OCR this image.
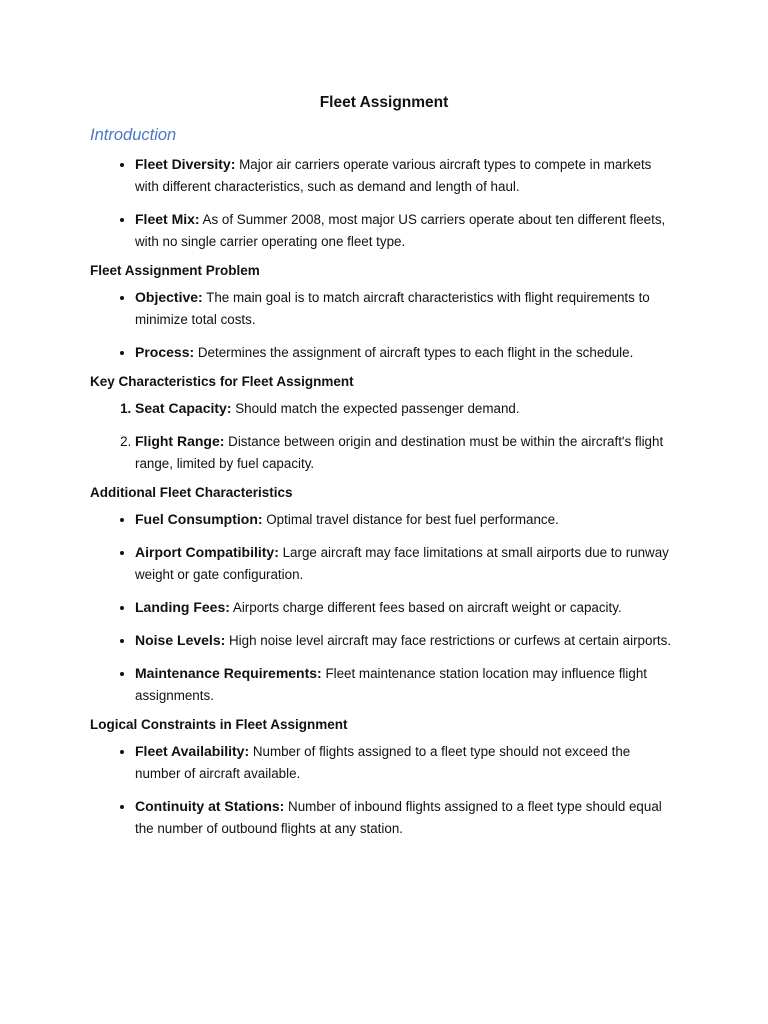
Fleet Assignment
Introduction
• Fleet Diversity: Major air carriers operate various aircraft types to compete in markets with different characteristics, such as demand and length of haul.
• Fleet Mix: As of Summer 2008, most major US carriers operate about ten different fleets, with no single carrier operating one fleet type.
Fleet Assignment Problem
• Objective: The main goal is to match aircraft characteristics with flight requirements to minimize total costs.
• Process: Determines the assignment of aircraft types to each flight in the schedule.
Key Characteristics for Fleet Assignment
1. Seat Capacity: Should match the expected passenger demand.
2. Flight Range: Distance between origin and destination must be within the aircraft's flight range, limited by fuel capacity.
Additional Fleet Characteristics
• Fuel Consumption: Optimal travel distance for best fuel performance.
• Airport Compatibility: Large aircraft may face limitations at small airports due to runway weight or gate configuration.
• Landing Fees: Airports charge different fees based on aircraft weight or capacity.
• Noise Levels: High noise level aircraft may face restrictions or curfews at certain airports.
• Maintenance Requirements: Fleet maintenance station location may influence flight assignments.
Logical Constraints in Fleet Assignment
• Fleet Availability: Number of flights assigned to a fleet type should not exceed the number of aircraft available.
• Continuity at Stations: Number of inbound flights assigned to a fleet type should equal the number of outbound flights at any station.
